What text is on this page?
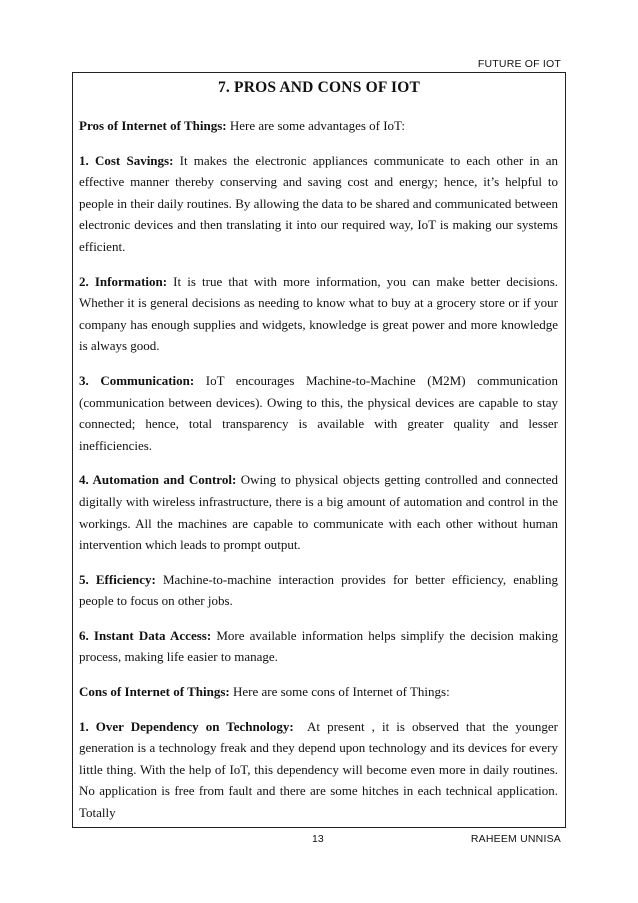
FUTURE OF IOT
7. PROS AND CONS OF IOT

Pros of Internet of Things: Here are some advantages of IoT:

1. Cost Savings: It makes the electronic appliances communicate to each other in an effective manner thereby conserving and saving cost and energy; hence, it’s helpful to people in their daily routines. By allowing the data to be shared and communicated between electronic devices and then translating it into our required way, IoT is making our systems efficient.

2. Information: It is true that with more information, you can make better decisions. Whether it is general decisions as needing to know what to buy at a grocery store or if your company has enough supplies and widgets, knowledge is great power and more knowledge is always good.

3. Communication: IoT encourages Machine-to-Machine (M2M) communication (communication between devices). Owing to this, the physical devices are capable to stay connected; hence, total transparency is available with greater quality and lesser inefficiencies.

4. Automation and Control: Owing to physical objects getting controlled and connected digitally with wireless infrastructure, there is a big amount of automation and control in the workings. All the machines are capable to communicate with each other without human intervention which leads to prompt output.

5. Efficiency: Machine-to-machine interaction provides for better efficiency, enabling people to focus on other jobs.

6. Instant Data Access: More available information helps simplify the decision making process, making life easier to manage.

Cons of Internet of Things: Here are some cons of Internet of Things:

1. Over Dependency on Technology:  At present , it is observed that the younger generation is a technology freak and they depend upon technology and its devices for every little thing. With the help of IoT, this dependency will become even more in daily routines. No application is free from fault and there are some hitches in each technical application. Totally

13	RAHEEM UNNISA
